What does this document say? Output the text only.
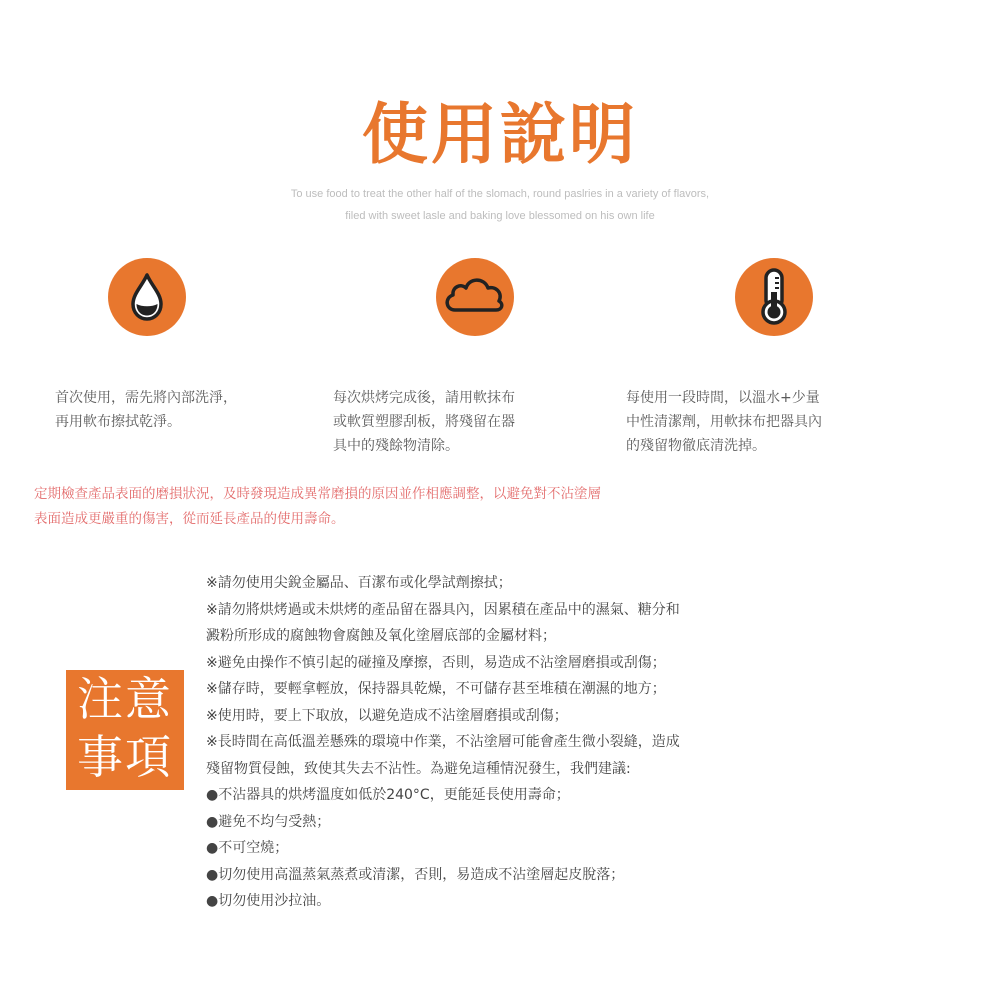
使用說明
To use food to treat the other half of the slomach, round paslries in a variety of flavors,
filed with sweet lasle and baking love blessomed on his own life
首次使用，需先將內部洗淨，
再用軟布擦拭乾淨。
每次烘烤完成後，請用軟抹布
或軟質塑膠刮板，將殘留在器
具中的殘餘物清除。
每使用一段時間，以溫水+少量
中性清潔劑，用軟抹布把器具內
的殘留物徹底清洗掉。
定期檢查產品表面的磨損狀況，及時發現造成異常磨損的原因並作相應調整，以避免對不沾塗層
表面造成更嚴重的傷害，從而延長產品的使用壽命。
注意
事項
※請勿使用尖銳金屬品、百潔布或化學試劑擦拭；
※請勿將烘烤過或未烘烤的產品留在器具內，因累積在產品中的濕氣、糖分和
澱粉所形成的腐蝕物會腐蝕及氧化塗層底部的金屬材料；
※避免由操作不慎引起的碰撞及摩擦，否則，易造成不沾塗層磨損或刮傷；
※儲存時，要輕拿輕放，保持器具乾燥，不可儲存甚至堆積在潮濕的地方；
※使用時，要上下取放，以避免造成不沾塗層磨損或刮傷；
※長時間在高低溫差懸殊的環境中作業，不沾塗層可能會產生微小裂縫，造成
殘留物質侵蝕，致使其失去不沾性。為避免這種情況發生，我們建議:
●不沾器具的烘烤溫度如低於240°C，更能延長使用壽命；
●避免不均勻受熱；
●不可空燒；
●切勿使用高溫蒸氣蒸煮或清潔，否則，易造成不沾塗層起皮脫落；
●切勿使用沙拉油。
